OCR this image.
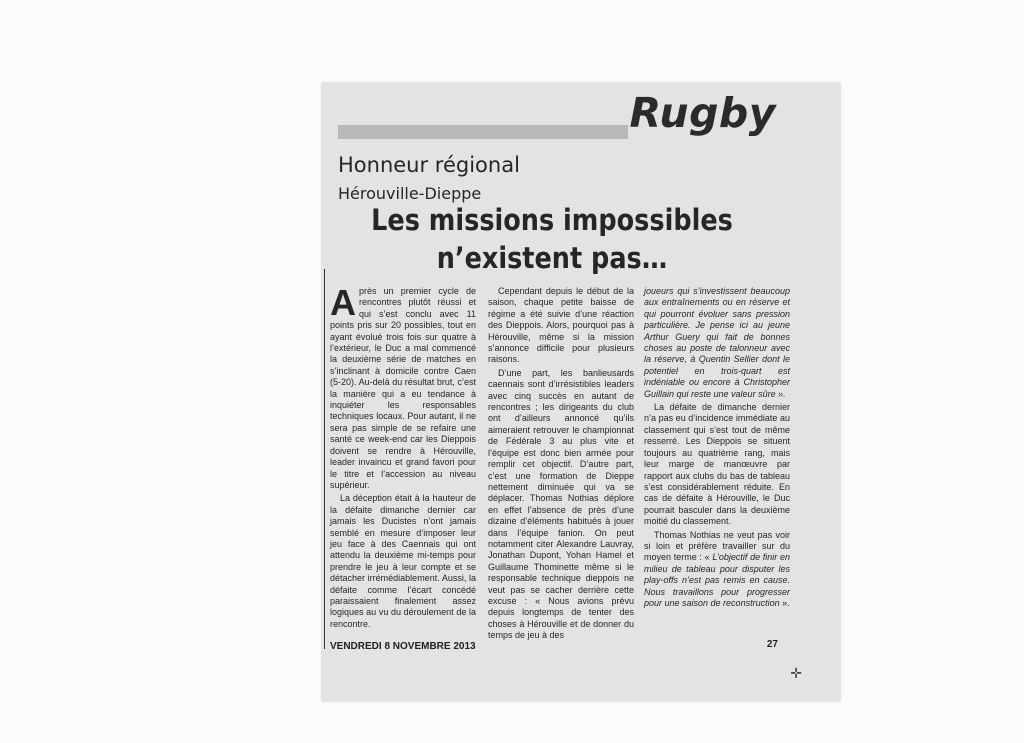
Rugby
Honneur régional
Hérouville-Dieppe
Les missions impossibles
n’existent pas…

Après un premier cycle de rencontres plutôt réussi et qui s’est conclu avec 11 points pris sur 20 possibles, tout en ayant évolué trois fois sur quatre à l’extérieur, le Duc a mal commencé la deuxième série de matches en s’inclinant à domicile contre Caen (5-20). Au-delà du résultat brut, c’est la manière qui a eu tendance à inquiéter les responsables techniques locaux. Pour autant, il ne sera pas simple de se refaire une santé ce week-end car les Dieppois doivent se rendre à Hérouville, leader invaincu et grand favori pour le titre et l’accession au niveau supérieur.

La déception était à la hauteur de la défaite dimanche dernier car jamais les Ducistes n’ont jamais semblé en mesure d’imposer leur jeu face à des Caennais qui ont attendu la deuxième mi-temps pour prendre le jeu à leur compte et se détacher irrémédiablement. Aussi, la défaite comme l’écart concédé paraissaient finalement assez logiques au vu du déroulement de la rencontre.

Cependant depuis le début de la saison, chaque petite baisse de régime a été suivie d’une réaction des Dieppois. Alors, pourquoi pas à Hérouville, même si la mission s’annonce difficile pour plusieurs raisons.

D’une part, les banlieusards caennais sont d’irrésistibles leaders avec cinq succès en autant de rencontres ; les dirigeants du club ont d’ailleurs annoncé qu’ils aimeraient retrouver le championnat de Fédérale 3 au plus vite et l’équipe est donc bien armée pour remplir cet objectif. D’autre part, c’est une formation de Dieppe nettement diminuée qui va se déplacer. Thomas Nothias déplore en effet l’absence de près d’une dizaine d’éléments habitués à jouer dans l’équipe fanion. On peut notamment citer Alexandre Lauvray, Jonathan Dupont, Yohan Hamel et Guillaume Thominette même si le responsable technique dieppois ne veut pas se cacher derrière cette excuse : « Nous avions prévu depuis longtemps de tenter des choses à Hérouville et de donner du temps de jeu à des

joueurs qui s’investissent beaucoup aux entraînements ou en réserve et qui pourront évoluer sans pression particulière. Je pense ici au jeune Arthur Guery qui fait de bonnes choses au poste de talonneur avec la réserve, à Quentin Sellier dont le potentiel en trois-quart est indéniable ou encore à Christopher Guillain qui reste une valeur sûre ».

La défaite de dimanche dernier n’a pas eu d’incidence immédiate au classement qui s’est tout de même resserré. Les Dieppois se situent toujours au quatrième rang, mais leur marge de manœuvre par rapport aux clubs du bas de tableau s’est considérablement réduite. En cas de défaite à Hérouville, le Duc pourrait basculer dans la deuxième moitié du classement.

Thomas Nothias ne veut pas voir si loin et préfère travailler sur du moyen terme : « L’objectif de finir en milieu de tableau pour disputer les play-offs n’est pas remis en cause. Nous travaillons pour progresser pour une saison de reconstruction ».

VENDREDI 8 NOVEMBRE 2013	27
✛
